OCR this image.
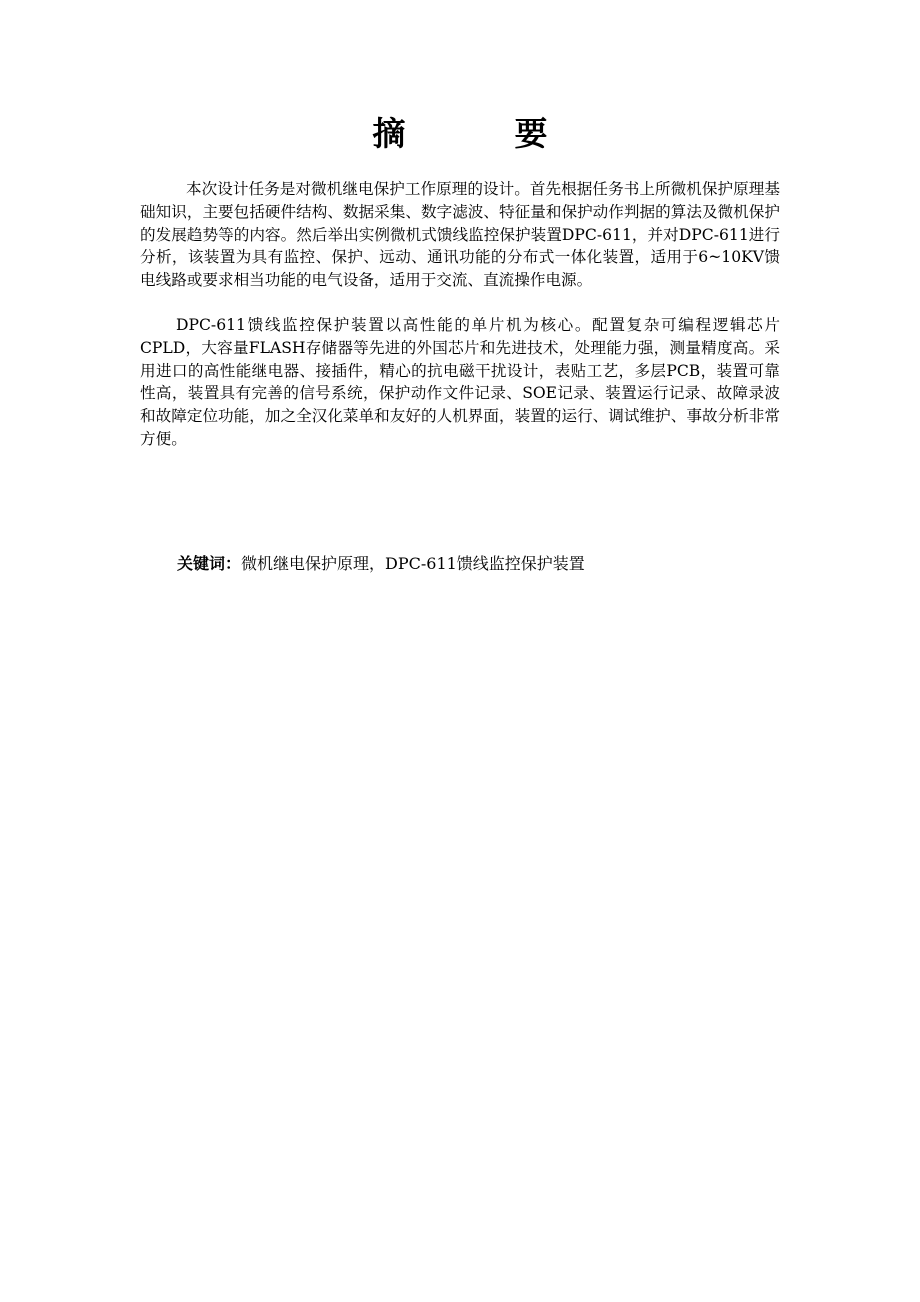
摘　要

本次设计任务是对微机继电保护工作原理的设计。首先根据任务书上所微机保护原理基础知识，主要包括硬件结构、数据采集、数字滤波、特征量和保护动作判据的算法及微机保护的发展趋势等的内容。然后举出实例微机式馈线监控保护装置DPC-611，并对DPC-611进行分析，该装置为具有监控、保护、远动、通讯功能的分布式一体化装置，适用于6~10KV馈电线路或要求相当功能的电气设备，适用于交流、直流操作电源。

DPC-611馈线监控保护装置以高性能的单片机为核心。配置复杂可编程逻辑芯片CPLD，大容量FLASH存储器等先进的外国芯片和先进技术，处理能力强，测量精度高。采用进口的高性能继电器、接插件，精心的抗电磁干扰设计，表贴工艺，多层PCB，装置可靠性高，装置具有完善的信号系统，保护动作文件记录、SOE记录、装置运行记录、故障录波和故障定位功能，加之全汉化菜单和友好的人机界面，装置的运行、调试维护、事故分析非常方便。

关键词：微机继电保护原理，DPC-611馈线监控保护装置
